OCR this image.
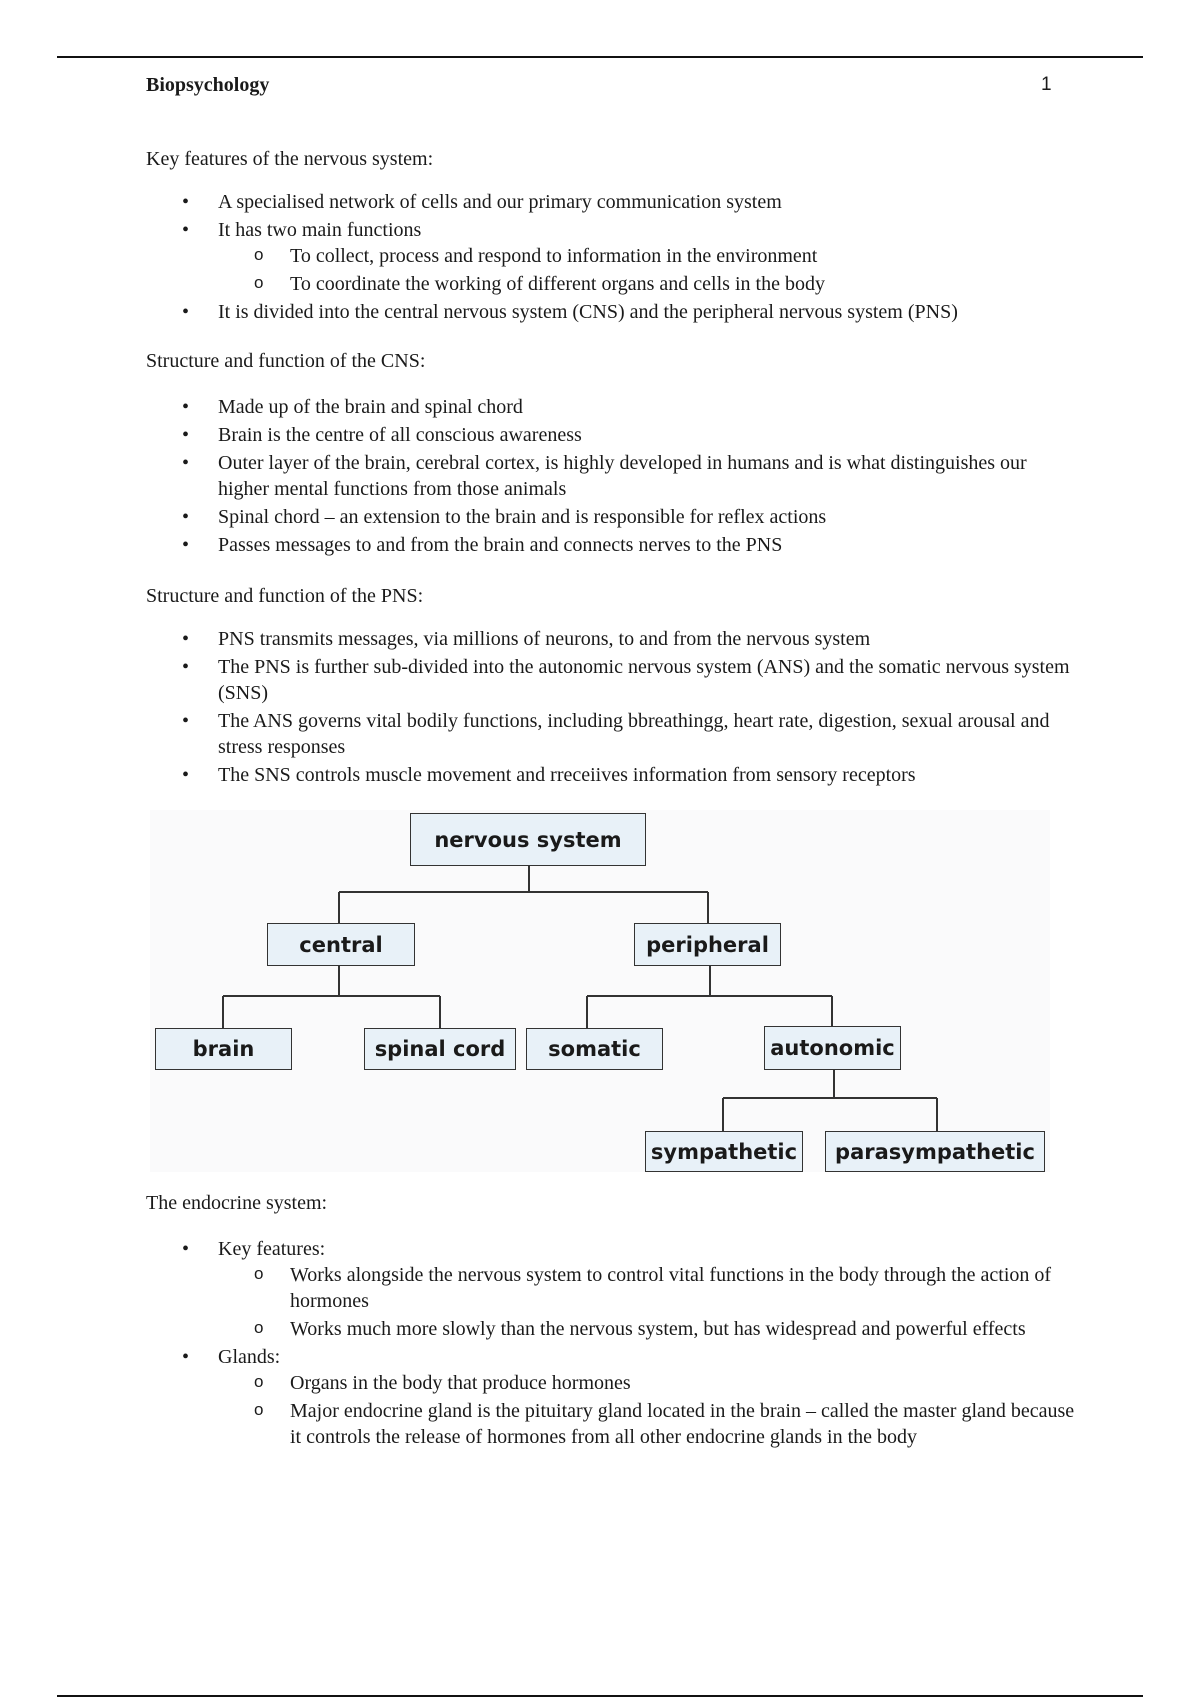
Biopsychology	1

Key features of the nervous system:

• A specialised network of cells and our primary communication system
• It has two main functions
o To collect, process and respond to information in the environment
o To coordinate the working of different organs and cells in the body
• It is divided into the central nervous system (CNS) and the peripheral nervous system (PNS)

Structure and function of the CNS:

• Made up of the brain and spinal chord
• Brain is the centre of all conscious awareness
• Outer layer of the brain, cerebral cortex, is highly developed in humans and is what distinguishes our higher mental functions from those animals
• Spinal chord – an extension to the brain and is responsible for reflex actions
• Passes messages to and from the brain and connects nerves to the PNS

Structure and function of the PNS:

• PNS transmits messages, via millions of neurons, to and from the nervous system
• The PNS is further sub-divided into the autonomic nervous system (ANS) and the somatic nervous system (SNS)
• The ANS governs vital bodily functions, including bbreathingg, heart rate, digestion, sexual arousal and stress responses
• The SNS controls muscle movement and rreceiives information from sensory receptors
nervous system
central	peripheral
brain	spinal cord	somatic	autonomic
sympathetic	parasympathetic

The endocrine system:

• Key features:
o Works alongside the nervous system to control vital functions in the body through the action of hormones
o Works much more slowly than the nervous system, but has widespread and powerful effects
• Glands:
o Organs in the body that produce hormones
o Major endocrine gland is the pituitary gland located in the brain – called the master gland because it controls the release of hormones from all other endocrine glands in the body
